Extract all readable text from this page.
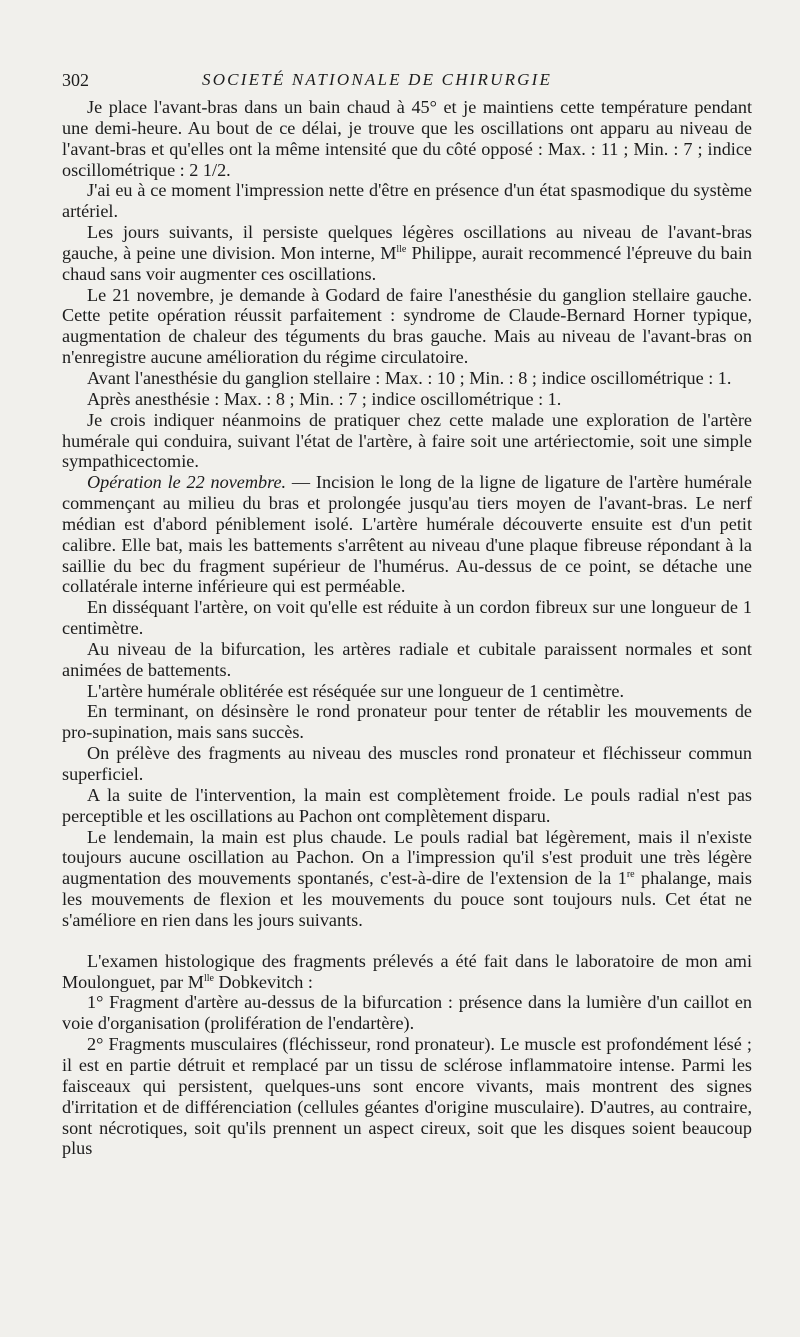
302	SOCIETÉ NATIONALE DE CHIRURGIE

Je place l'avant-bras dans un bain chaud à 45° et je maintiens cette température pendant une demi-heure. Au bout de ce délai, je trouve que les oscillations ont apparu au niveau de l'avant-bras et qu'elles ont la même intensité que du côté opposé : Max. : 11 ; Min. : 7 ; indice oscillométrique : 2 1/2.

J'ai eu à ce moment l'impression nette d'être en présence d'un état spasmodique du système artériel.

Les jours suivants, il persiste quelques légères oscillations au niveau de l'avant-bras gauche, à peine une division. Mon interne, $M^{lle}$ Philippe, aurait recommencé l'épreuve du bain chaud sans voir augmenter ces oscillations.

Le 21 novembre, je demande à Godard de faire l'anesthésie du ganglion stellaire gauche. Cette petite opération réussit parfaitement : syndrome de Claude-Bernard Horner typique, augmentation de chaleur des téguments du bras gauche. Mais au niveau de l'avant-bras on n'enregistre aucune amélioration du régime circulatoire.

Avant l'anesthésie du ganglion stellaire : Max. : 10 ; Min. : 8 ; indice oscillométrique : 1.

Après anesthésie : Max. : 8 ; Min. : 7 ; indice oscillométrique : 1.

Je crois indiquer néanmoins de pratiquer chez cette malade une exploration de l'artère humérale qui conduira, suivant l'état de l'artère, à faire soit une artériectomie, soit une simple sympathicectomie.

Opération le 22 novembre. — Incision le long de la ligne de ligature de l'artère humérale commençant au milieu du bras et prolongée jusqu'au tiers moyen de l'avant-bras. Le nerf médian est d'abord péniblement isolé. L'artère humérale découverte ensuite est d'un petit calibre. Elle bat, mais les battements s'arrêtent au niveau d'une plaque fibreuse répondant à la saillie du bec du fragment supérieur de l'humérus. Au-dessus de ce point, se détache une collatérale interne inférieure qui est perméable.

En disséquant l'artère, on voit qu'elle est réduite à un cordon fibreux sur une longueur de 1 centimètre.

Au niveau de la bifurcation, les artères radiale et cubitale paraissent normales et sont animées de battements.

L'artère humérale oblitérée est réséquée sur une longueur de 1 centimètre.

En terminant, on désinsère le rond pronateur pour tenter de rétablir les mouvements de pro-supination, mais sans succès.

On prélève des fragments au niveau des muscles rond pronateur et fléchisseur commun superficiel.

A la suite de l'intervention, la main est complètement froide. Le pouls radial n'est pas perceptible et les oscillations au Pachon ont complètement disparu.

Le lendemain, la main est plus chaude. Le pouls radial bat légèrement, mais il n'existe toujours aucune oscillation au Pachon. On a l'impression qu'il s'est produit une très légère augmentation des mouvements spontanés, c'est-à-dire de l'extension de la 1re phalange, mais les mouvements de flexion et les mouvements du pouce sont toujours nuls. Cet état ne s'améliore en rien dans les jours suivants.

L'examen histologique des fragments prélevés a été fait dans le laboratoire de mon ami Moulonguet, par $M^{lle}$ Dobkevitch :

1° Fragment d'artère au-dessus de la bifurcation : présence dans la lumière d'un caillot en voie d'organisation (prolifération de l'endartère).

2° Fragments musculaires (fléchisseur, rond pronateur). Le muscle est profondément lésé ; il est en partie détruit et remplacé par un tissu de sclérose inflammatoire intense. Parmi les faisceaux qui persistent, quelques-uns sont encore vivants, mais montrent des signes d'irritation et de différenciation (cellules géantes d'origine musculaire). D'autres, au contraire, sont nécrotiques, soit qu'ils prennent un aspect cireux, soit que les disques soient beaucoup plus
